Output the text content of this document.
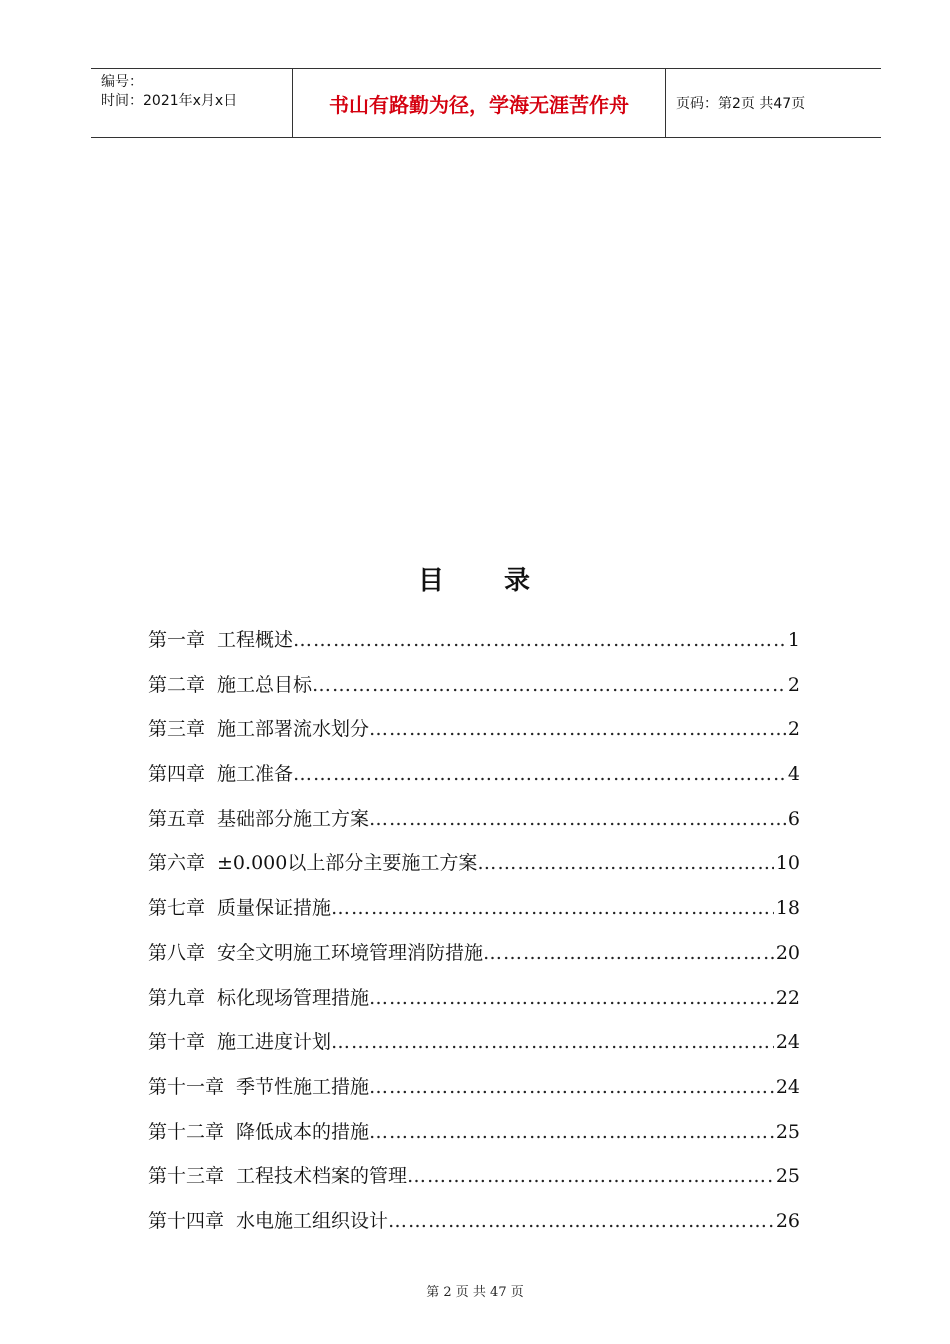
编号：
时间：2021年x月x日	书山有路勤为径，学海无涯苦作舟	页码：第2页 共47页
目 录
第一章 工程概述 ……………………………………………………………………………………………………………………	1
第二章 施工总目标 ……………………………………………………………………………………………………………………	2
第三章 施工部署流水划分 ……………………………………………………………………………………………………………………	2
第四章 施工准备 ……………………………………………………………………………………………………………………	4
第五章 基础部分施工方案 ……………………………………………………………………………………………………………………	6
第六章 ±0.000以上部分主要施工方案 ……………………………………………………………………………………………………………………	10
第七章 质量保证措施 ……………………………………………………………………………………………………………………	18
第八章 安全文明施工环境管理消防措施 ……………………………………………………………………………………………………………………	20
第九章 标化现场管理措施 ……………………………………………………………………………………………………………………	22
第十章 施工进度计划 ……………………………………………………………………………………………………………………	24
第十一章 季节性施工措施 ……………………………………………………………………………………………………………………	24
第十二章 降低成本的措施 ……………………………………………………………………………………………………………………	25
第十三章 工程技术档案的管理 ……………………………………………………………………………………………………………………	25
第十四章 水电施工组织设计 ……………………………………………………………………………………………………………………	26
第 2 页 共 47 页
